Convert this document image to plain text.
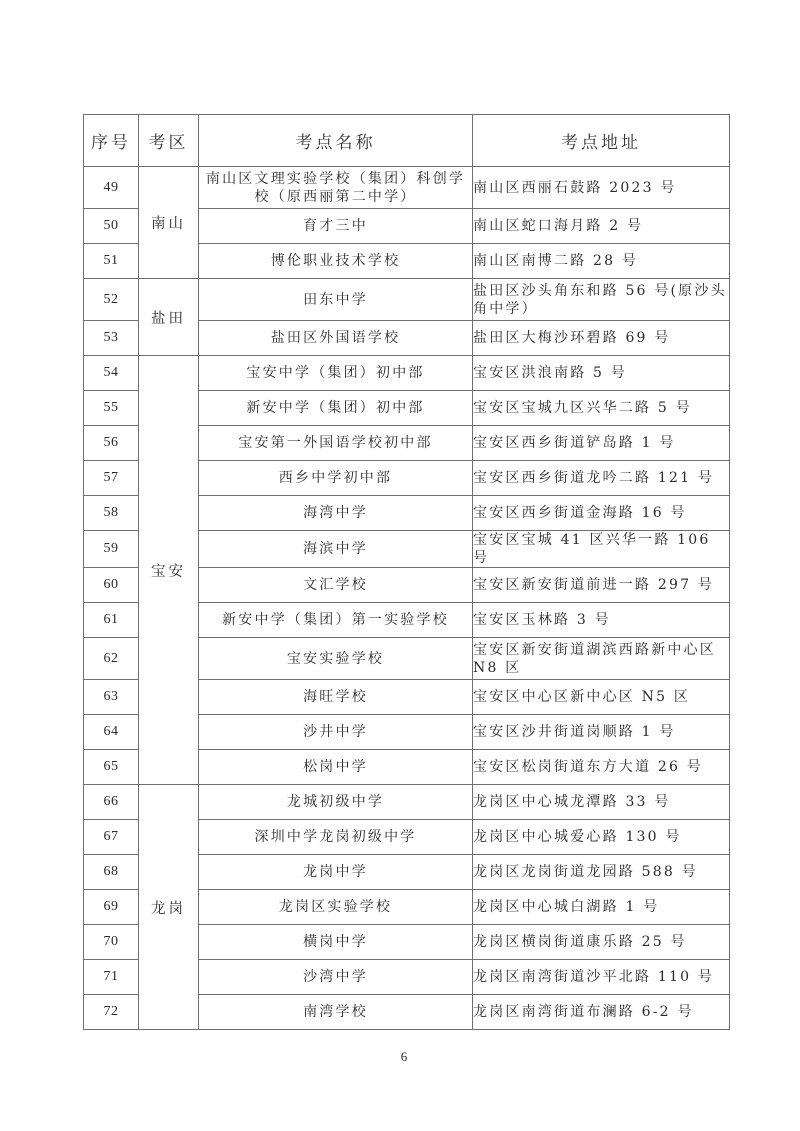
序号	考区	考点名称	考点地址
49	南山	南山区文理实验学校（集团）科创学校（原西丽第二中学）	南山区西丽石鼓路 2023 号
50		育才三中	南山区蛇口海月路 2 号
51		博伦职业技术学校	南山区南博二路 28 号
52	盐田	田东中学	盐田区沙头角东和路 56 号(原沙头角中学）
53		盐田区外国语学校	盐田区大梅沙环碧路 69 号
54	宝安	宝安中学（集团）初中部	宝安区洪浪南路 5 号
55		新安中学（集团）初中部	宝安区宝城九区兴华二路 5 号
56		宝安第一外国语学校初中部	宝安区西乡街道铲岛路 1 号
57		西乡中学初中部	宝安区西乡街道龙吟二路 121 号
58		海湾中学	宝安区西乡街道金海路 16 号
59		海滨中学	宝安区宝城 41 区兴华一路 106 号
60		文汇学校	宝安区新安街道前进一路 297 号
61		新安中学（集团）第一实验学校	宝安区玉林路 3 号
62		宝安实验学校	宝安区新安街道湖滨西路新中心区 N8 区
63		海旺学校	宝安区中心区新中心区 N5 区
64		沙井中学	宝安区沙井街道岗顺路 1 号
65		松岗中学	宝安区松岗街道东方大道 26 号
66	龙岗	龙城初级中学	龙岗区中心城龙潭路 33 号
67		深圳中学龙岗初级中学	龙岗区中心城爱心路 130 号
68		龙岗中学	龙岗区龙岗街道龙园路 588 号
69		龙岗区实验学校	龙岗区中心城白湖路 1 号
70		横岗中学	龙岗区横岗街道康乐路 25 号
71		沙湾中学	龙岗区南湾街道沙平北路 110 号
72		南湾学校	龙岗区南湾街道布澜路 6-2 号
6
